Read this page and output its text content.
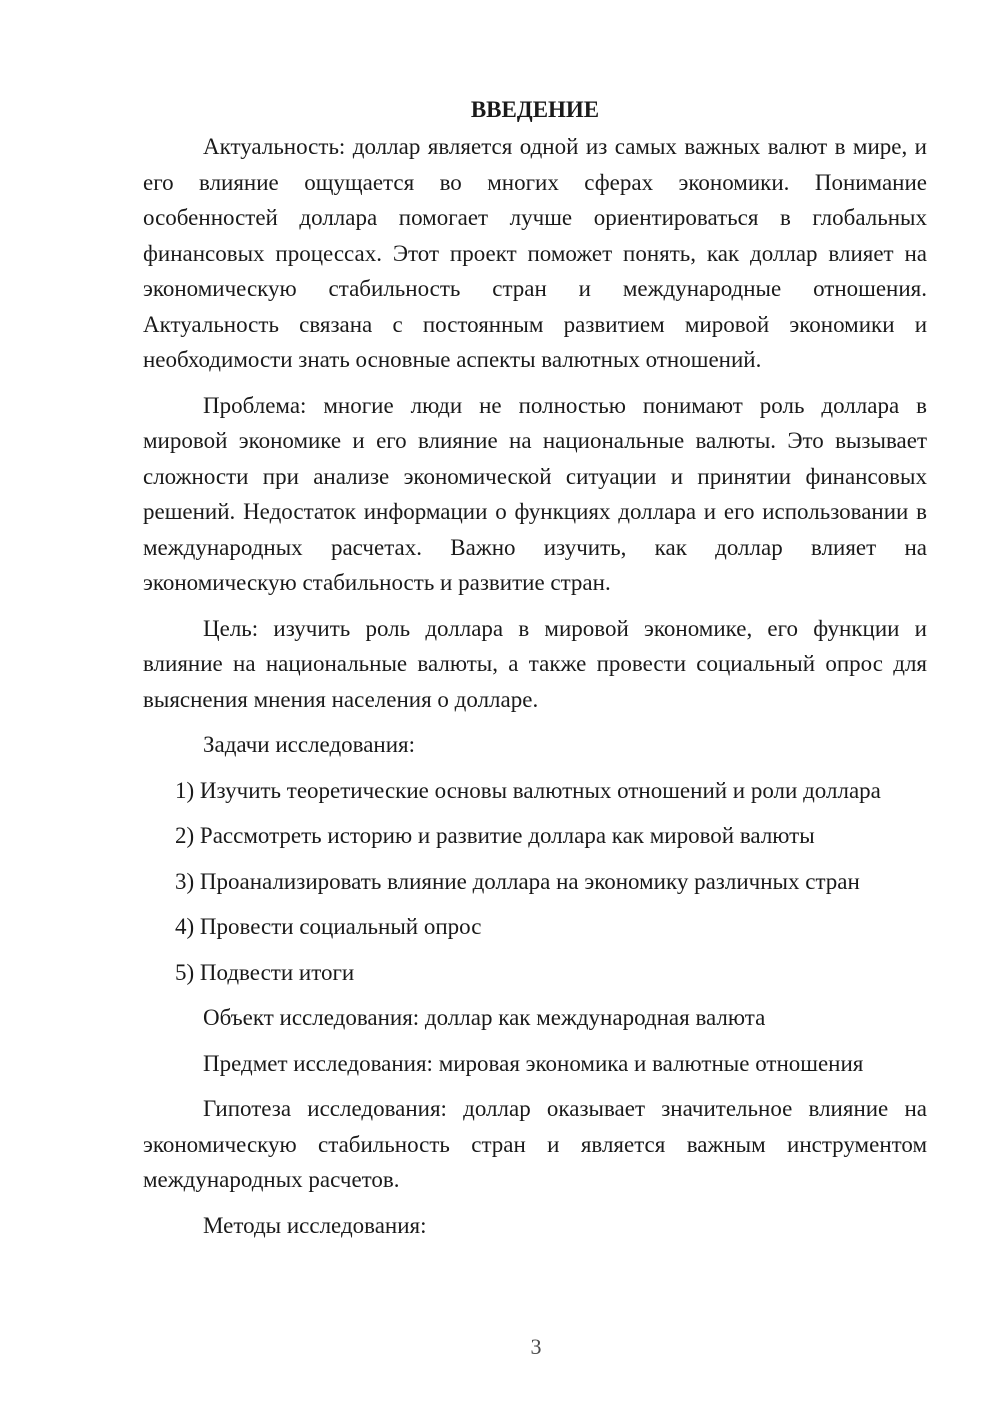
ВВЕДЕНИЕ

Актуальность: доллар является одной из самых важных валют в мире, и его влияние ощущается во многих сферах экономики. Понимание особенностей доллара помогает лучше ориентироваться в глобальных финансовых процессах. Этот проект поможет понять, как доллар влияет на экономическую стабильность стран и международные отношения. Актуальность связана с постоянным развитием мировой экономики и необходимости знать основные аспекты валютных отношений.

Проблема: многие люди не полностью понимают роль доллара в мировой экономике и его влияние на национальные валюты. Это вызывает сложности при анализе экономической ситуации и принятии финансовых решений. Недостаток информации о функциях доллара и его использовании в международных расчетах. Важно изучить, как доллар влияет на экономическую стабильность и развитие стран.

Цель: изучить роль доллара в мировой экономике, его функции и влияние на национальные валюты, а также провести социальный опрос для выяснения мнения населения о долларе.

Задачи исследования:

1) Изучить теоретические основы валютных отношений и роли доллара

2) Рассмотреть историю и развитие доллара как мировой валюты

3) Проанализировать влияние доллара на экономику различных стран

4) Провести социальный опрос

5) Подвести итоги

Объект исследования: доллар как международная валюта

Предмет исследования: мировая экономика и валютные отношения

Гипотеза исследования: доллар оказывает значительное влияние на экономическую стабильность стран и является важным инструментом международных расчетов.

Методы исследования:

3
